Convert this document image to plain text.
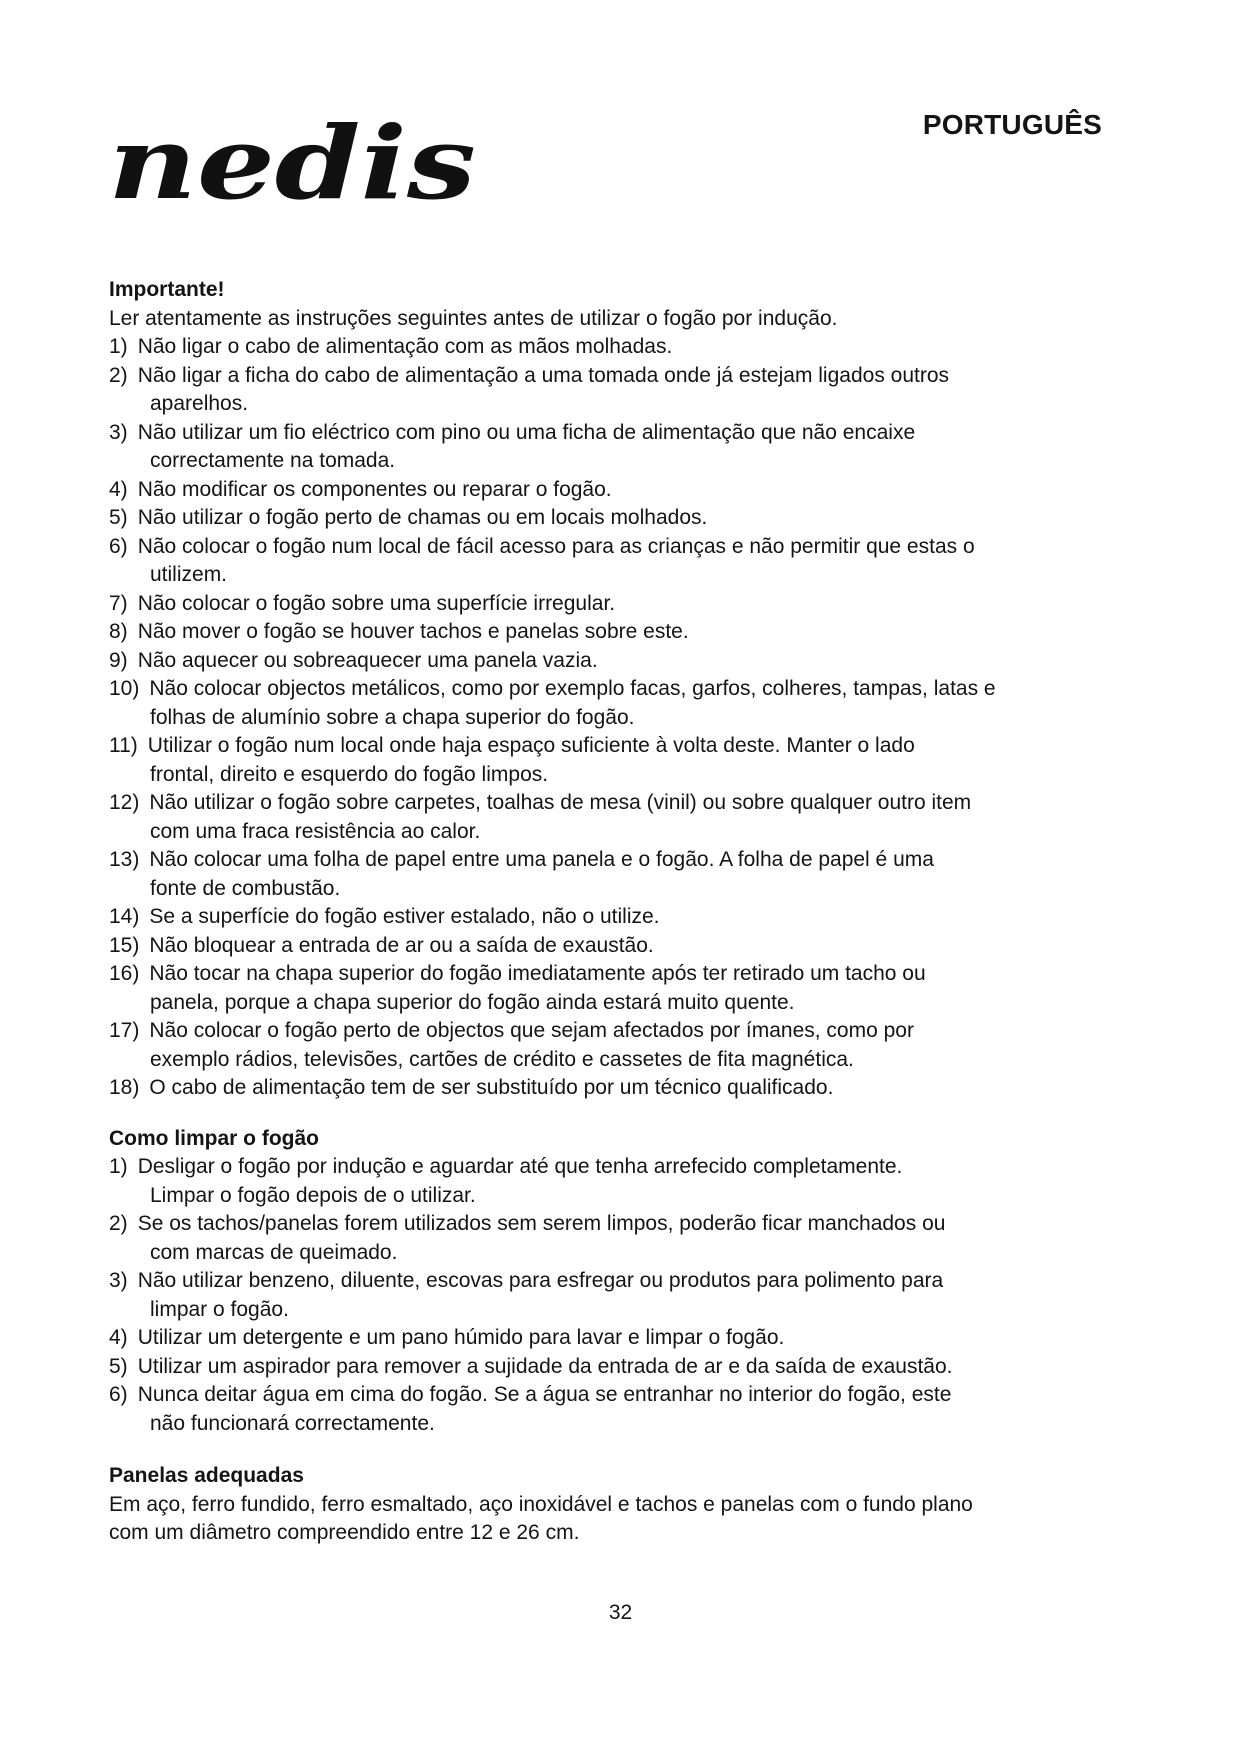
nedis	PORTUGUÊS
Importante!
Ler atentamente as instruções seguintes antes de utilizar o fogão por indução.
1) Não ligar o cabo de alimentação com as mãos molhadas.
2) Não ligar a ficha do cabo de alimentação a uma tomada onde já estejam ligados outros
aparelhos.
3) Não utilizar um fio eléctrico com pino ou uma ficha de alimentação que não encaixe
correctamente na tomada.
4) Não modificar os componentes ou reparar o fogão.
5) Não utilizar o fogão perto de chamas ou em locais molhados.
6) Não colocar o fogão num local de fácil acesso para as crianças e não permitir que estas o
utilizem.
7) Não colocar o fogão sobre uma superfície irregular.
8) Não mover o fogão se houver tachos e panelas sobre este.
9) Não aquecer ou sobreaquecer uma panela vazia.
10) Não colocar objectos metálicos, como por exemplo facas, garfos, colheres, tampas, latas e
folhas de alumínio sobre a chapa superior do fogão.
11) Utilizar o fogão num local onde haja espaço suficiente à volta deste. Manter o lado
frontal, direito e esquerdo do fogão limpos.
12) Não utilizar o fogão sobre carpetes, toalhas de mesa (vinil) ou sobre qualquer outro item
com uma fraca resistência ao calor.
13) Não colocar uma folha de papel entre uma panela e o fogão. A folha de papel é uma
fonte de combustão.
14) Se a superfície do fogão estiver estalado, não o utilize.
15) Não bloquear a entrada de ar ou a saída de exaustão.
16) Não tocar na chapa superior do fogão imediatamente após ter retirado um tacho ou
panela, porque a chapa superior do fogão ainda estará muito quente.
17) Não colocar o fogão perto de objectos que sejam afectados por ímanes, como por
exemplo rádios, televisões, cartões de crédito e cassetes de fita magnética.
18) O cabo de alimentação tem de ser substituído por um técnico qualificado.
Como limpar o fogão
1) Desligar o fogão por indução e aguardar até que tenha arrefecido completamente.
Limpar o fogão depois de o utilizar.
2) Se os tachos/panelas forem utilizados sem serem limpos, poderão ficar manchados ou
com marcas de queimado.
3) Não utilizar benzeno, diluente, escovas para esfregar ou produtos para polimento para
limpar o fogão.
4) Utilizar um detergente e um pano húmido para lavar e limpar o fogão.
5) Utilizar um aspirador para remover a sujidade da entrada de ar e da saída de exaustão.
6) Nunca deitar água em cima do fogão. Se a água se entranhar no interior do fogão, este
não funcionará correctamente.
Panelas adequadas
Em aço, ferro fundido, ferro esmaltado, aço inoxidável e tachos e panelas com o fundo plano
com um diâmetro compreendido entre 12 e 26 cm.
32
